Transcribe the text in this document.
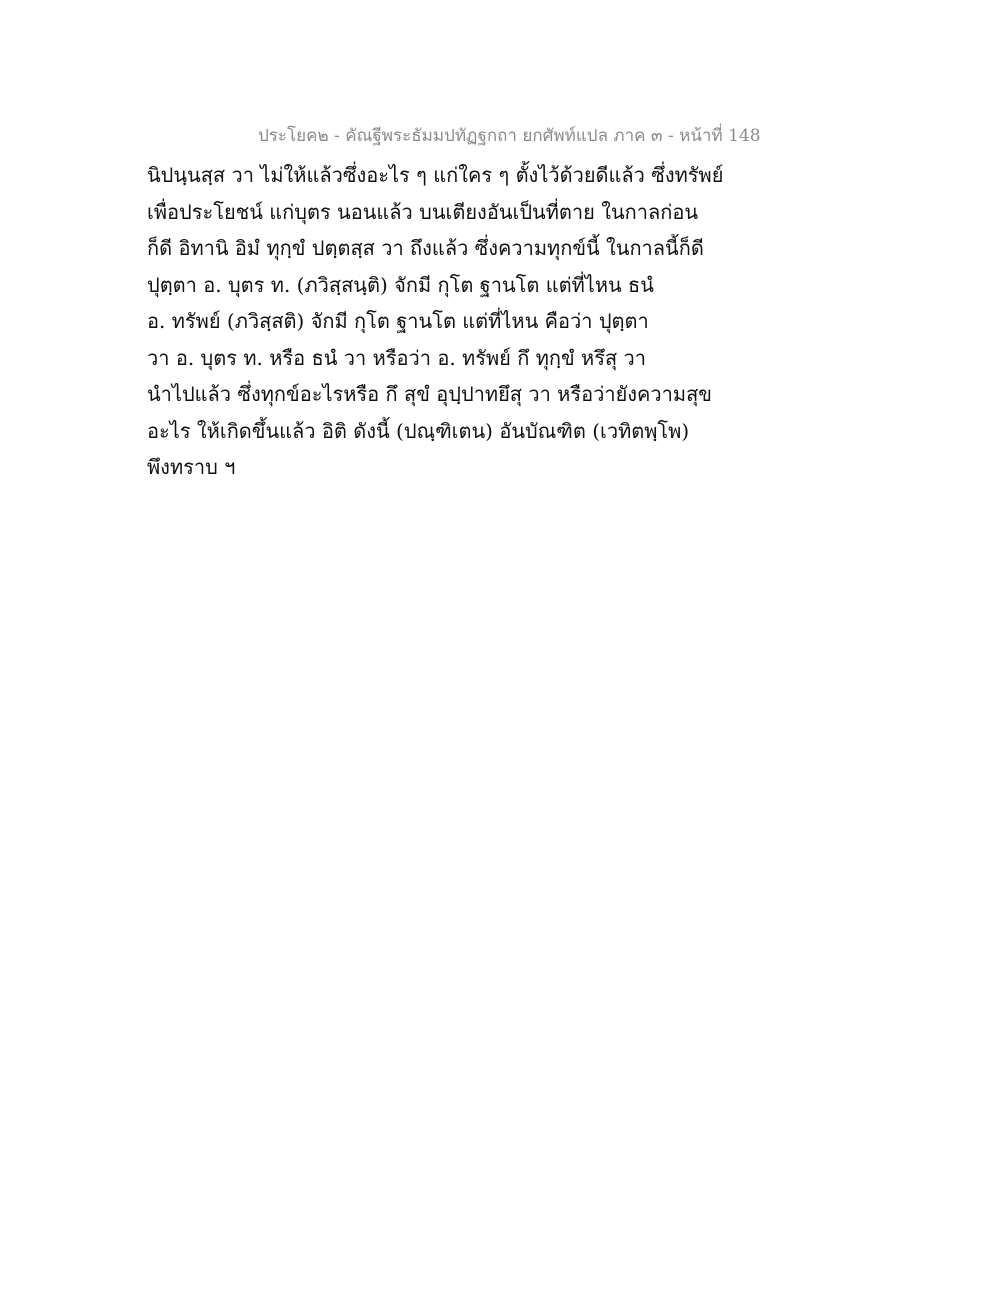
ประโยค๒ - คัณฐีพระธัมมปทัฏฐกถา ยกศัพท์แปล ภาค ๓ - หน้าที่ 148
นิปนฺนสฺส วา ไม่ให้แล้วซึ่งอะไร ๆ แก่ใคร ๆ ตั้งไว้ด้วยดีแล้ว ซึ่งทรัพย์
เพื่อประโยชน์ แก่บุตร นอนแล้ว บนเตียงอันเป็นที่ตาย ในกาลก่อน
ก็ดี อิทานิ อิมํ ทุกฺขํ ปตฺตสฺส วา ถึงแล้ว ซึ่งความทุกข์นี้ ในกาลนี้ก็ดี
ปุตฺตา อ. บุตร ท. (ภวิสฺสนฺติ) จักมี กุโต ฐานโต แต่ที่ไหน ธนํ
อ. ทรัพย์ (ภวิสฺสติ) จักมี กุโต ฐานโต แต่ที่ไหน คือว่า ปุตฺตา
วา อ. บุตร ท. หรือ ธนํ วา หรือว่า อ. ทรัพย์ กึ ทุกฺขํ หรึสุ วา
นำไปแล้ว ซึ่งทุกข์อะไรหรือ กึ สุขํ อุปฺปาทยึสุ วา หรือว่ายังความสุข
อะไร ให้เกิดขึ้นแล้ว อิติ ดังนี้ (ปณฺฑิเตน) อันบัณฑิต (เวทิตพฺโพ)
พึงทราบ ฯ
